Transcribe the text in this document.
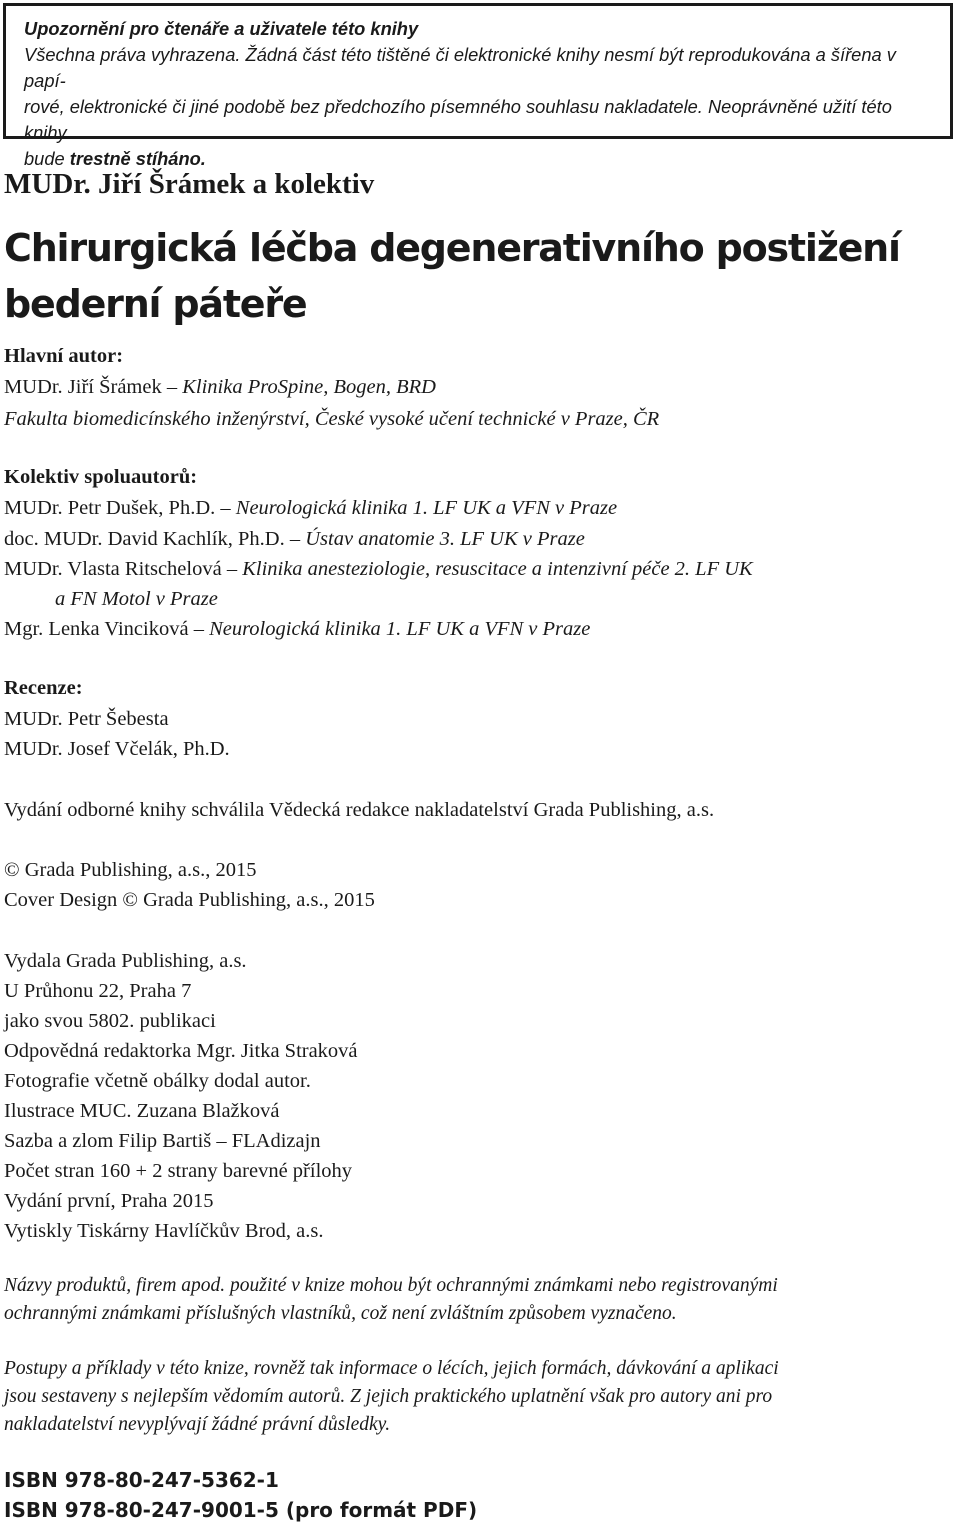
Upozornění pro čtenáře a uživatele této knihy
Všechna práva vyhrazena. Žádná část této tištěné či elektronické knihy nesmí být reprodukována a šířena v papí-
rové, elektronické či jiné podobě bez předchozího písemného souhlasu nakladatele. Neoprávněné užití této knihy
bude trestně stíháno.
MUDr. Jiří Šrámek a kolektiv
Chirurgická léčba degenerativního postižení
bederní páteře
Hlavní autor:
MUDr. Jiří Šrámek – Klinika ProSpine, Bogen, BRD
Fakulta biomedicínského inženýrství, České vysoké učení technické v Praze, ČR
Kolektiv spoluautorů:
MUDr. Petr Dušek, Ph.D. – Neurologická klinika 1. LF UK a VFN v Praze
doc. MUDr. David Kachlík, Ph.D. – Ústav anatomie 3. LF UK v Praze
MUDr. Vlasta Ritschelová – Klinika anesteziologie, resuscitace a intenzivní péče 2. LF UK
a FN Motol v Praze
Mgr. Lenka Vinciková – Neurologická klinika 1. LF UK a VFN v Praze
Recenze:
MUDr. Petr Šebesta
MUDr. Josef Včelák, Ph.D.
Vydání odborné knihy schválila Vědecká redakce nakladatelství Grada Publishing, a.s.
© Grada Publishing, a.s., 2015
Cover Design © Grada Publishing, a.s., 2015
Vydala Grada Publishing, a.s.
U Průhonu 22, Praha 7
jako svou 5802. publikaci
Odpovědná redaktorka Mgr. Jitka Straková
Fotografie včetně obálky dodal autor.
Ilustrace MUC. Zuzana Blažková
Sazba a zlom Filip Bartiš – FLAdizajn
Počet stran 160 + 2 strany barevné přílohy
Vydání první, Praha 2015
Vytiskly Tiskárny Havlíčkův Brod, a.s.
Názvy produktů, firem apod. použité v knize mohou být ochrannými známkami nebo registrovanými
ochrannými známkami příslušných vlastníků, což není zvláštním způsobem vyznačeno.
Postupy a příklady v této knize, rovněž tak informace o lécích, jejich formách, dávkování a aplikaci
jsou sestaveny s nejlepším vědomím autorů. Z jejich praktického uplatnění však pro autory ani pro
nakladatelství nevyplývají žádné právní důsledky.
ISBN 978-80-247-5362-1
ISBN 978-80-247-9001-5 (pro formát PDF)
